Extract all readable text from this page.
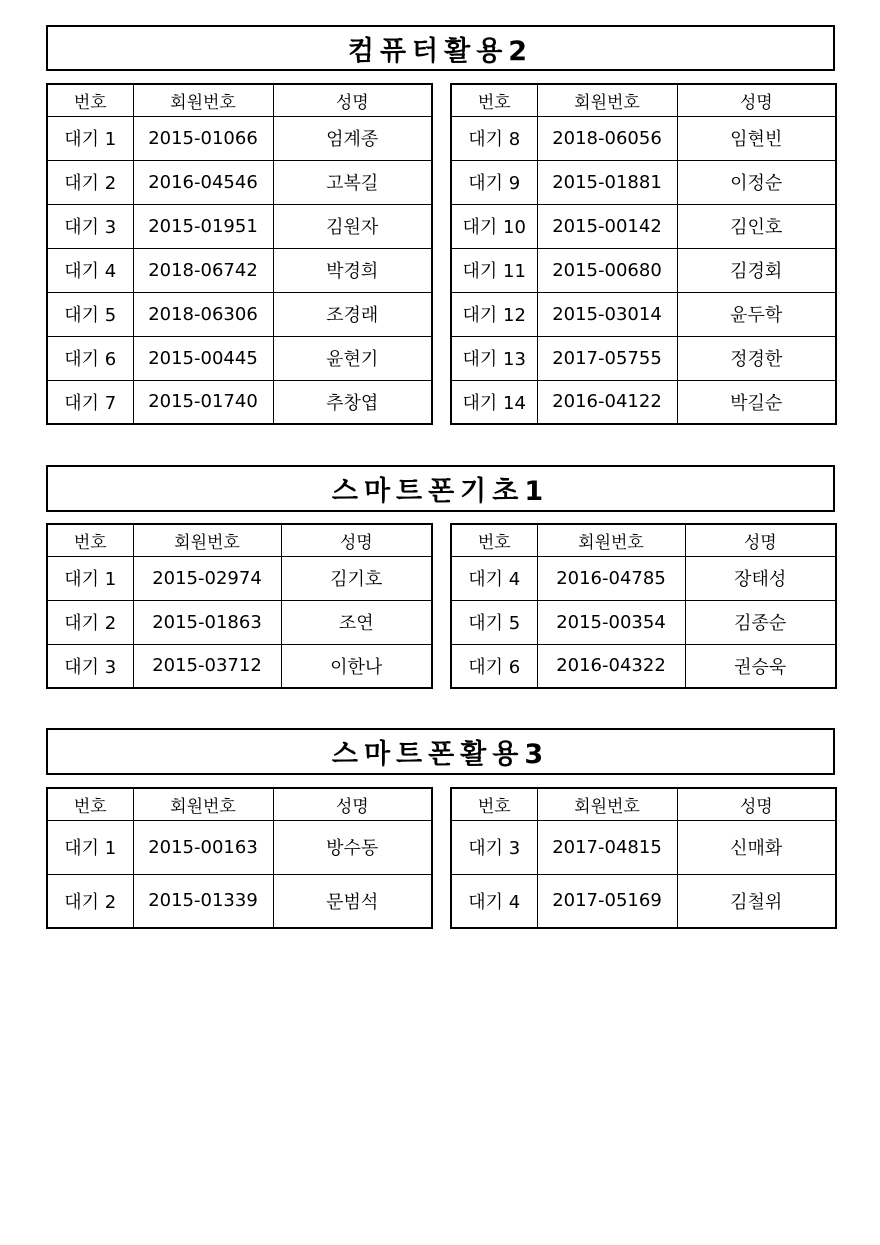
컴퓨터활용2
번호	회원번호	성명
대기 1	2015-01066	엄계종
대기 2	2016-04546	고복길
대기 3	2015-01951	김원자
대기 4	2018-06742	박경희
대기 5	2018-06306	조경래
대기 6	2015-00445	윤현기
대기 7	2015-01740	추창엽
번호	회원번호	성명
대기 8	2018-06056	임현빈
대기 9	2015-01881	이정순
대기 10	2015-00142	김인호
대기 11	2015-00680	김경회
대기 12	2015-03014	윤두학
대기 13	2017-05755	정경한
대기 14	2016-04122	박길순
스마트폰기초1
번호	회원번호	성명
대기 1	2015-02974	김기호
대기 2	2015-01863	조연
대기 3	2015-03712	이한나
번호	회원번호	성명
대기 4	2016-04785	장태성
대기 5	2015-00354	김종순
대기 6	2016-04322	권승욱
스마트폰활용3
번호	회원번호	성명
대기 1	2015-00163	방수동
대기 2	2015-01339	문범석
번호	회원번호	성명
대기 3	2017-04815	신매화
대기 4	2017-05169	김철위
